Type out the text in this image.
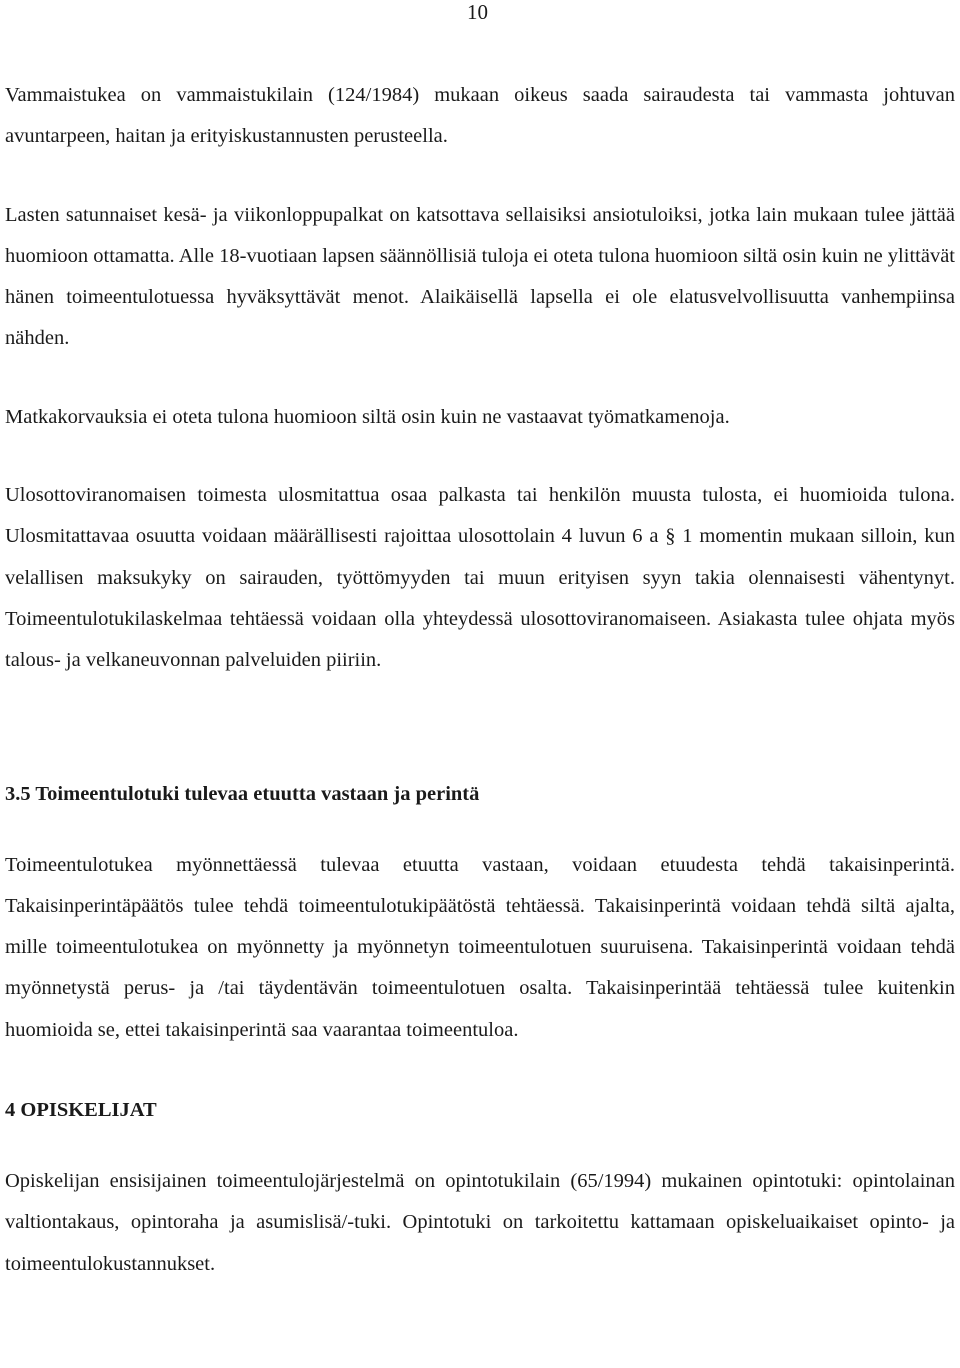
10

Vammaistukea on vammaistukilain (124/1984) mukaan oikeus saada sairaudesta tai vammasta johtuvan avuntarpeen, haitan ja erityiskustannusten perusteella.

Lasten satunnaiset kesä- ja viikonloppupalkat on katsottava sellaisiksi ansiotuloiksi, jotka lain mukaan tulee jättää huomioon ottamatta. Alle 18-vuotiaan lapsen säännöllisiä tuloja ei oteta tulona huomioon siltä osin kuin ne ylittävät hänen toimeentulotuessa hyväksyttävät menot. Alaikäisellä lapsella ei ole elatusvelvollisuutta vanhempiinsa nähden.

Matkakorvauksia ei oteta tulona huomioon siltä osin kuin ne vastaavat työmatkamenoja.

Ulosottoviranomaisen toimesta ulosmitattua osaa palkasta tai henkilön muusta tulosta, ei huomioida tulona. Ulosmitattavaa osuutta voidaan määrällisesti rajoittaa ulosottolain 4 luvun 6 a § 1 momentin mukaan silloin, kun velallisen maksukyky on sairauden, työttömyyden tai muun erityisen syyn takia olennaisesti vähentynyt. Toimeentulotukilaskelmaa tehtäessä voidaan olla yhteydessä ulosottoviranomaiseen. Asiakasta tulee ohjata myös talous- ja velkaneuvonnan palveluiden piiriin.

3.5 Toimeentulotuki tulevaa etuutta vastaan ja perintä

Toimeentulotukea myönnettäessä tulevaa etuutta vastaan, voidaan etuudesta tehdä takaisinperintä. Takaisinperintäpäätös tulee tehdä toimeentulotukipäätöstä tehtäessä. Takaisinperintä voidaan tehdä siltä ajalta, mille toimeentulotukea on myönnetty ja myönnetyn toimeentulotuen suuruisena. Takaisinperintä voidaan tehdä myönnetystä perus- ja /tai täydentävän toimeentulotuen osalta. Takaisinperintää tehtäessä tulee kuitenkin huomioida se, ettei takaisinperintä saa vaarantaa toimeentuloa.

4 OPISKELIJAT

Opiskelijan ensisijainen toimeentulojärjestelmä on opintotukilain (65/1994) mukainen opintotuki: opintolainan valtiontakaus, opintoraha ja asumislisä/-tuki. Opintotuki on tarkoitettu kattamaan opiskeluaikaiset opinto- ja toimeentulokustannukset.
